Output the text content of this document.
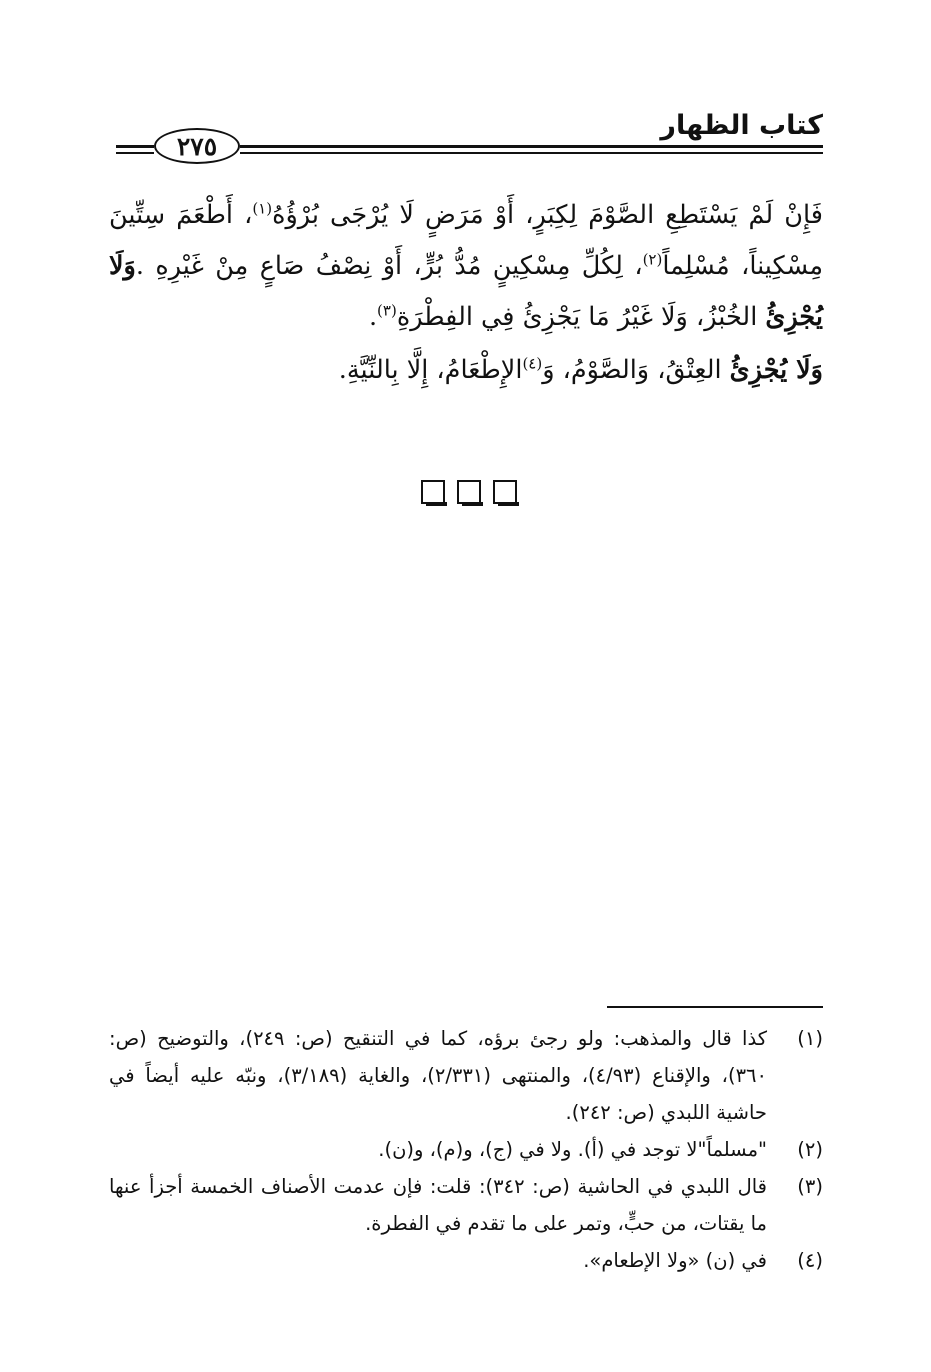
كتاب الظهار
٢٧٥

فَإِنْ لَمْ يَسْتَطِعِ الصَّوْمَ لِكِبَرٍ، أَوْ مَرَضٍ لَا يُرْجَى بُرْؤُهُ$^{(١)}$، أَطْعَمَ سِتِّينَ مِسْكِيناً، مُسْلِماً$^{(٢)}$، لِكُلِّ مِسْكِينٍ مُدُّ بُرٍّ، أَوْ نِصْفُ صَاعٍ مِنْ غَيْرِهِ .وَلَا يُجْزِئُ الخُبْزُ، وَلَا غَيْرُ مَا يَجْزِئُ فِي الفِطْرَةِ$^{(٣)}$.

وَلَا يُجْزِئُ العِتْقُ، وَالصَّوْمُ، وَ$^{(٤)}$الإِطْعَامُ، إِلَّا بِالنِّيَّةِ.

(١)
كذا قال والمذهب: ولو رجئ برؤه، كما في التنقيح (ص: ٢٤٩)، والتوضيح (ص: ٣٦٠)، والإقناع (٤/٩٣)، والمنتهى (٢/٣٣١)، والغاية (٣/١٨٩)، ونبّه عليه أيضاً في حاشية اللبدي (ص: ٢٤٢).
(٢)
"مسلماً"لا توجد في (أ). ولا في (ج)، و(م)، و(ن).
(٣)
قال اللبدي في الحاشية (ص: ٣٤٢): قلت: فإن عدمت الأصناف الخمسة أجزأ عنها ما يقتات، من حبٍّ، وتمر على ما تقدم في الفطرة.
(٤)
في (ن) «ولا الإطعام».
